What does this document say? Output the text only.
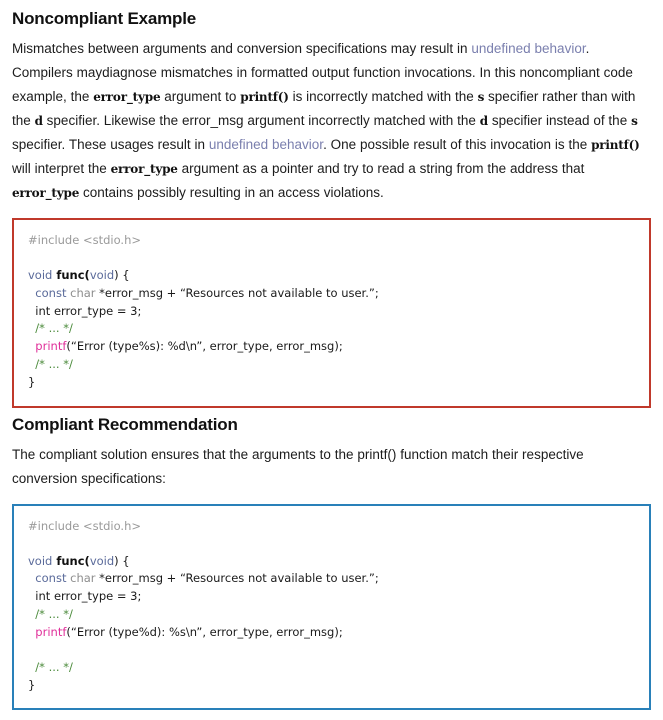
Noncompliant Example

Mismatches between arguments and conversion specifications may result in undefined behavior. Compilers maydiagnose mismatches in formatted output function invocations. In this noncompliant code example, the error_type argument to printf() is incorrectly matched with the s specifier rather than with the d specifier. Likewise the error_msg argument incorrectly matched with the d specifier instead of the s specifier. These usages result in undefined behavior. One possible result of this invocation is the printf() will interpret the error_type argument as a pointer and try to read a string from the address that error_type contains possibly resulting in an access violations.

#include <stdio.h>
void func(void) {
const char *error_msg + “Resources not available to user.”;
int error_type = 3;
/* ... */
printf(“Error (type%s): %d\n”, error_type, error_msg);
/* ... */
}
Compliant Recommendation

The compliant solution ensures that the arguments to the printf() function match their respective conversion specifications:

#include <stdio.h>
void func(void) {
const char *error_msg + “Resources not available to user.”;
int error_type = 3;
/* ... */
printf(“Error (type%d): %s\n”, error_type, error_msg);
/* ... */
}
